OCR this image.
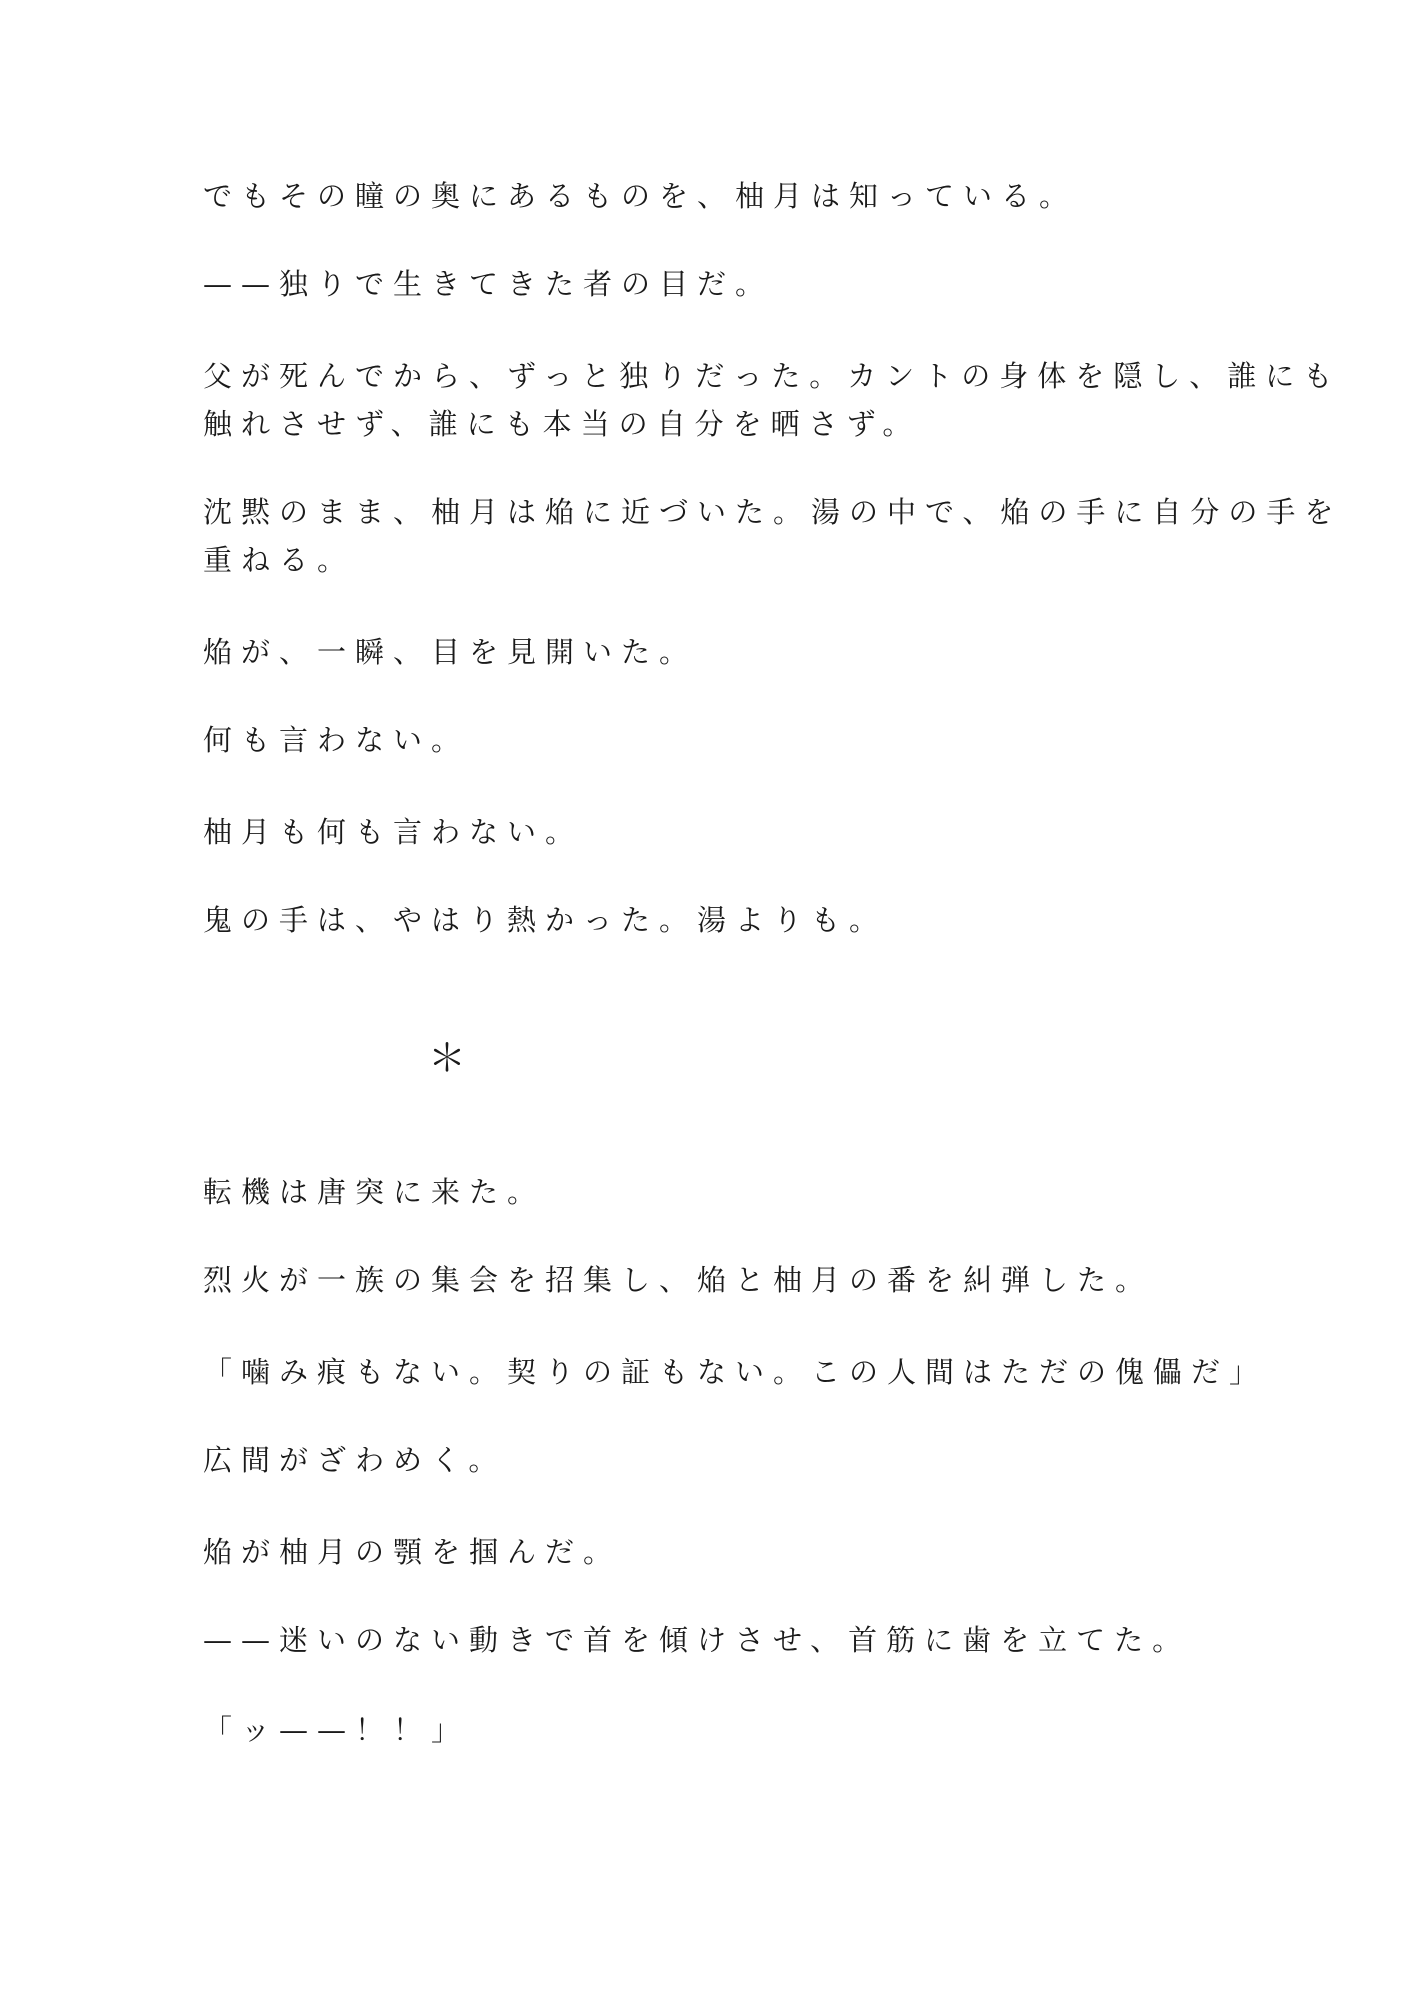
でもその瞳の奥にあるものを、柚月は知っている。

——独りで生きてきた者の目だ。

父が死んでから、ずっと独りだった。カントの身体を隠し、誰にも
触れさせず、誰にも本当の自分を晒さず。

沈黙のまま、柚月は焔に近づいた。湯の中で、焔の手に自分の手を
重ねる。

焔が、一瞬、目を見開いた。

何も言わない。

柚月も何も言わない。

鬼の手は、やはり熱かった。湯よりも。

＊

転機は唐突に来た。

烈火が一族の集会を招集し、焔と柚月の番を糾弾した。

「噛み痕もない。契りの証もない。この人間はただの傀儡だ」

広間がざわめく。

焔が柚月の顎を掴んだ。

——迷いのない動きで首を傾けさせ、首筋に歯を立てた。

「ッ——！！」
